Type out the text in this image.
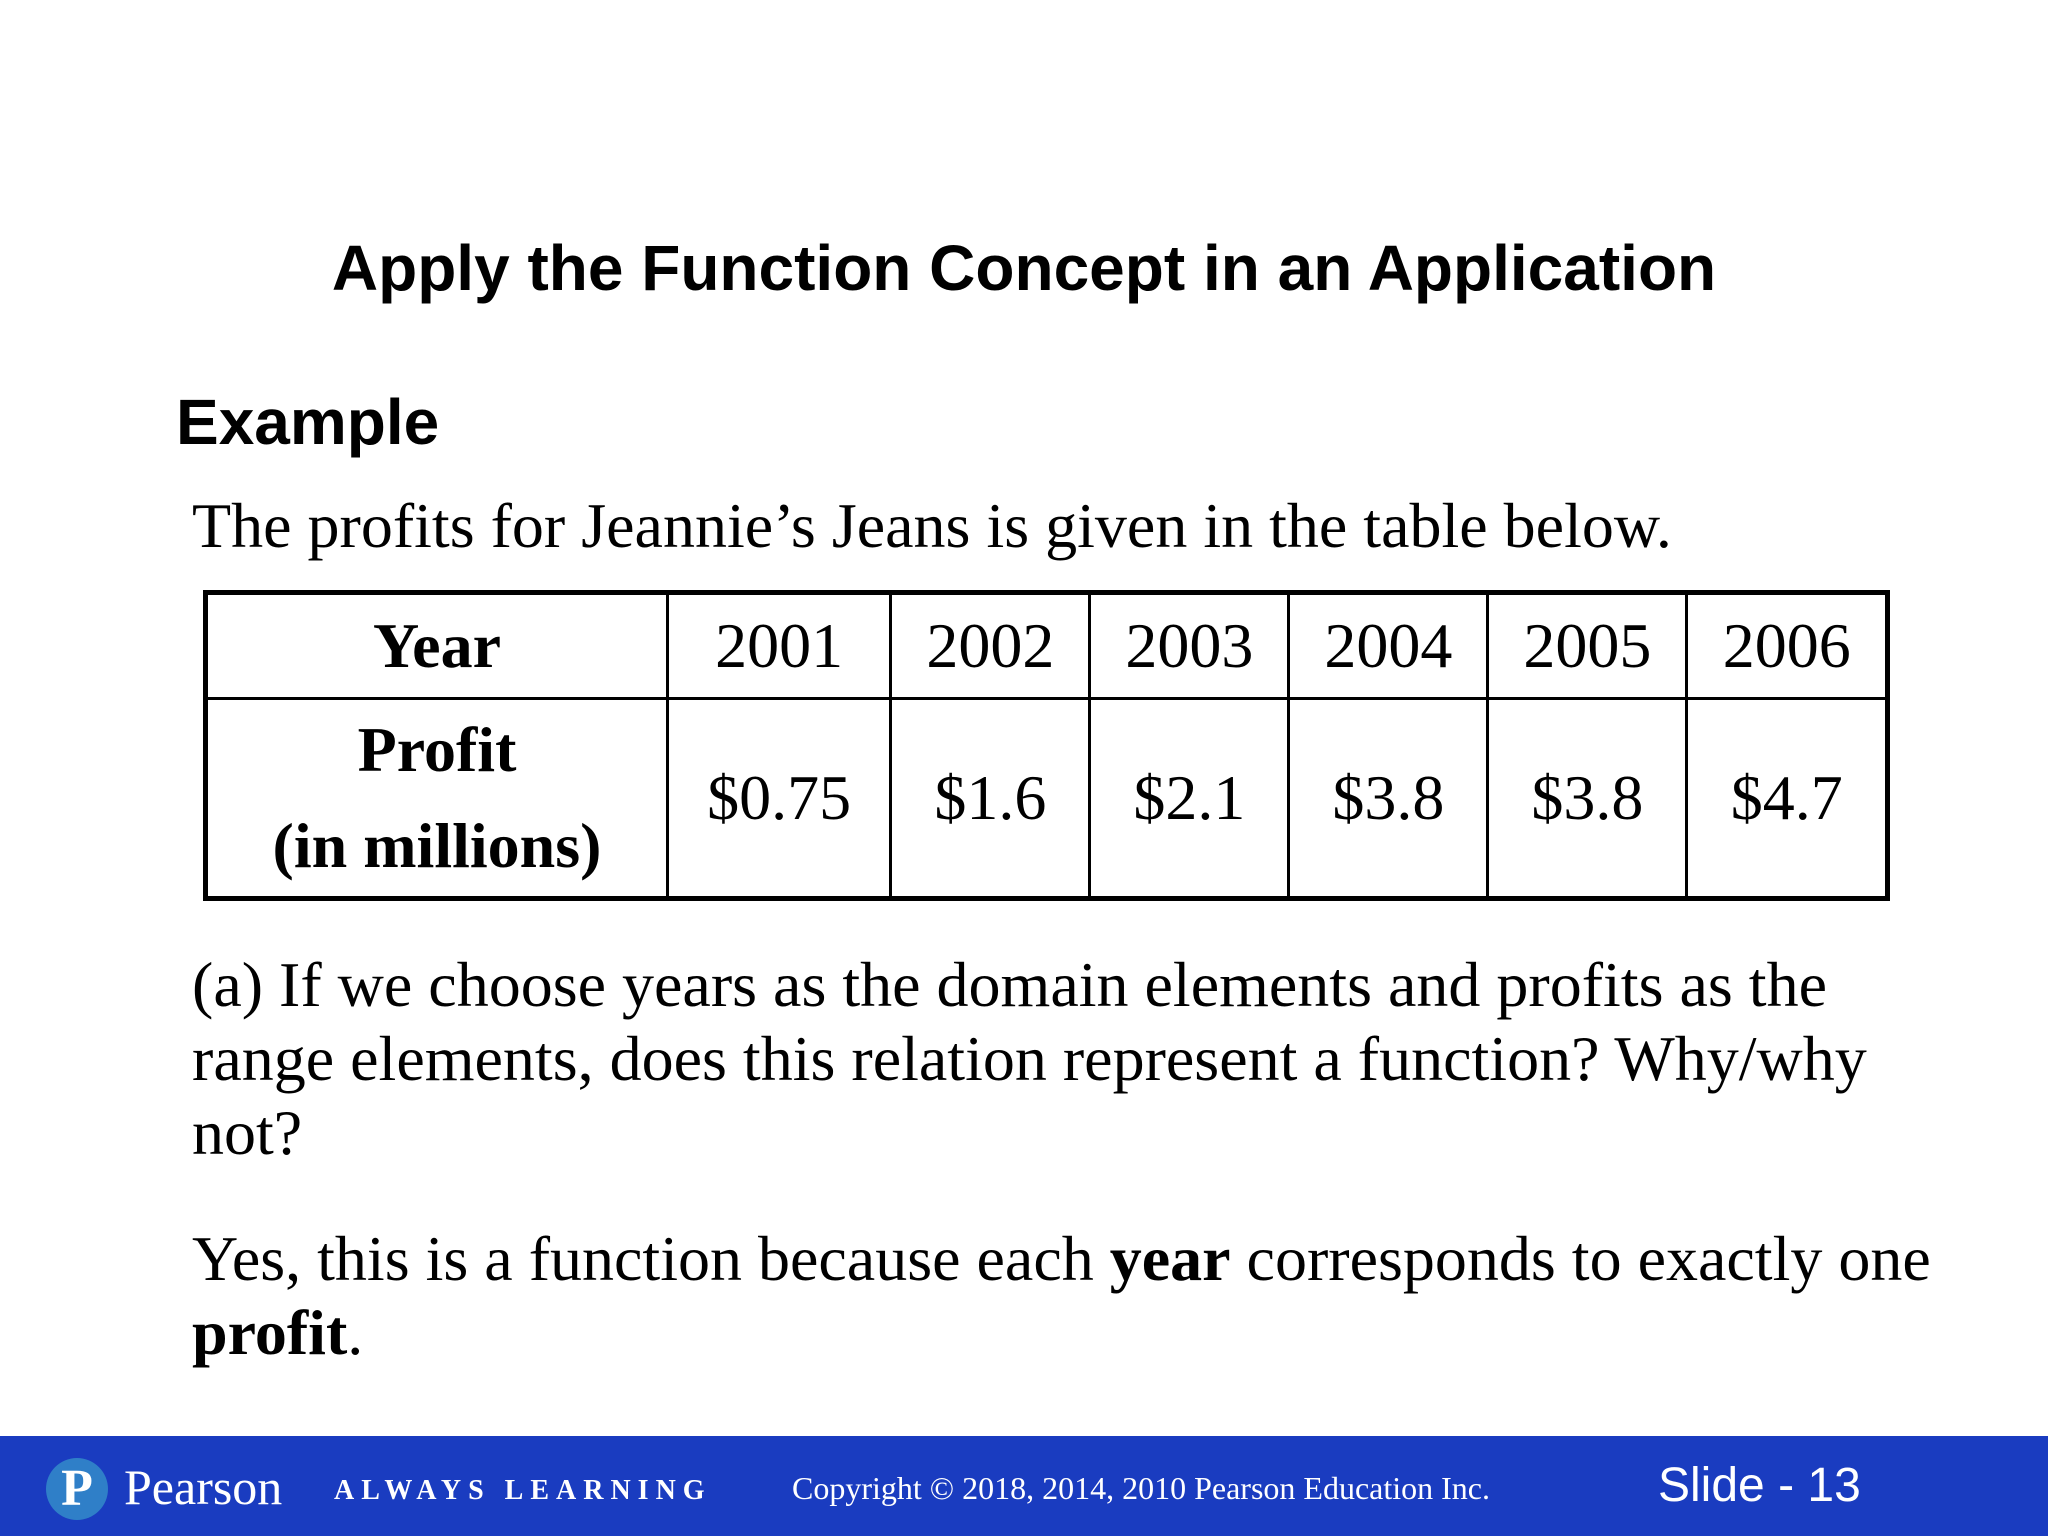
Apply the Function Concept in an Application
Example
The profits for Jeannie’s Jeans is given in the table below.
Year	2001	2002	2003	2004	2005	2006

Profit
(in millions)	$0.75	$1.6	$2.1	$3.8	$3.8	$4.7
(a) If we choose years as the domain elements and profits as the range elements, does this relation represent a function? Why/why not?
Yes, this is a function because each year corresponds to exactly one profit.
P Pearson ALWAYS LEARNING	Copyright © 2018, 2014, 2010 Pearson Education Inc.	Slide - 13
